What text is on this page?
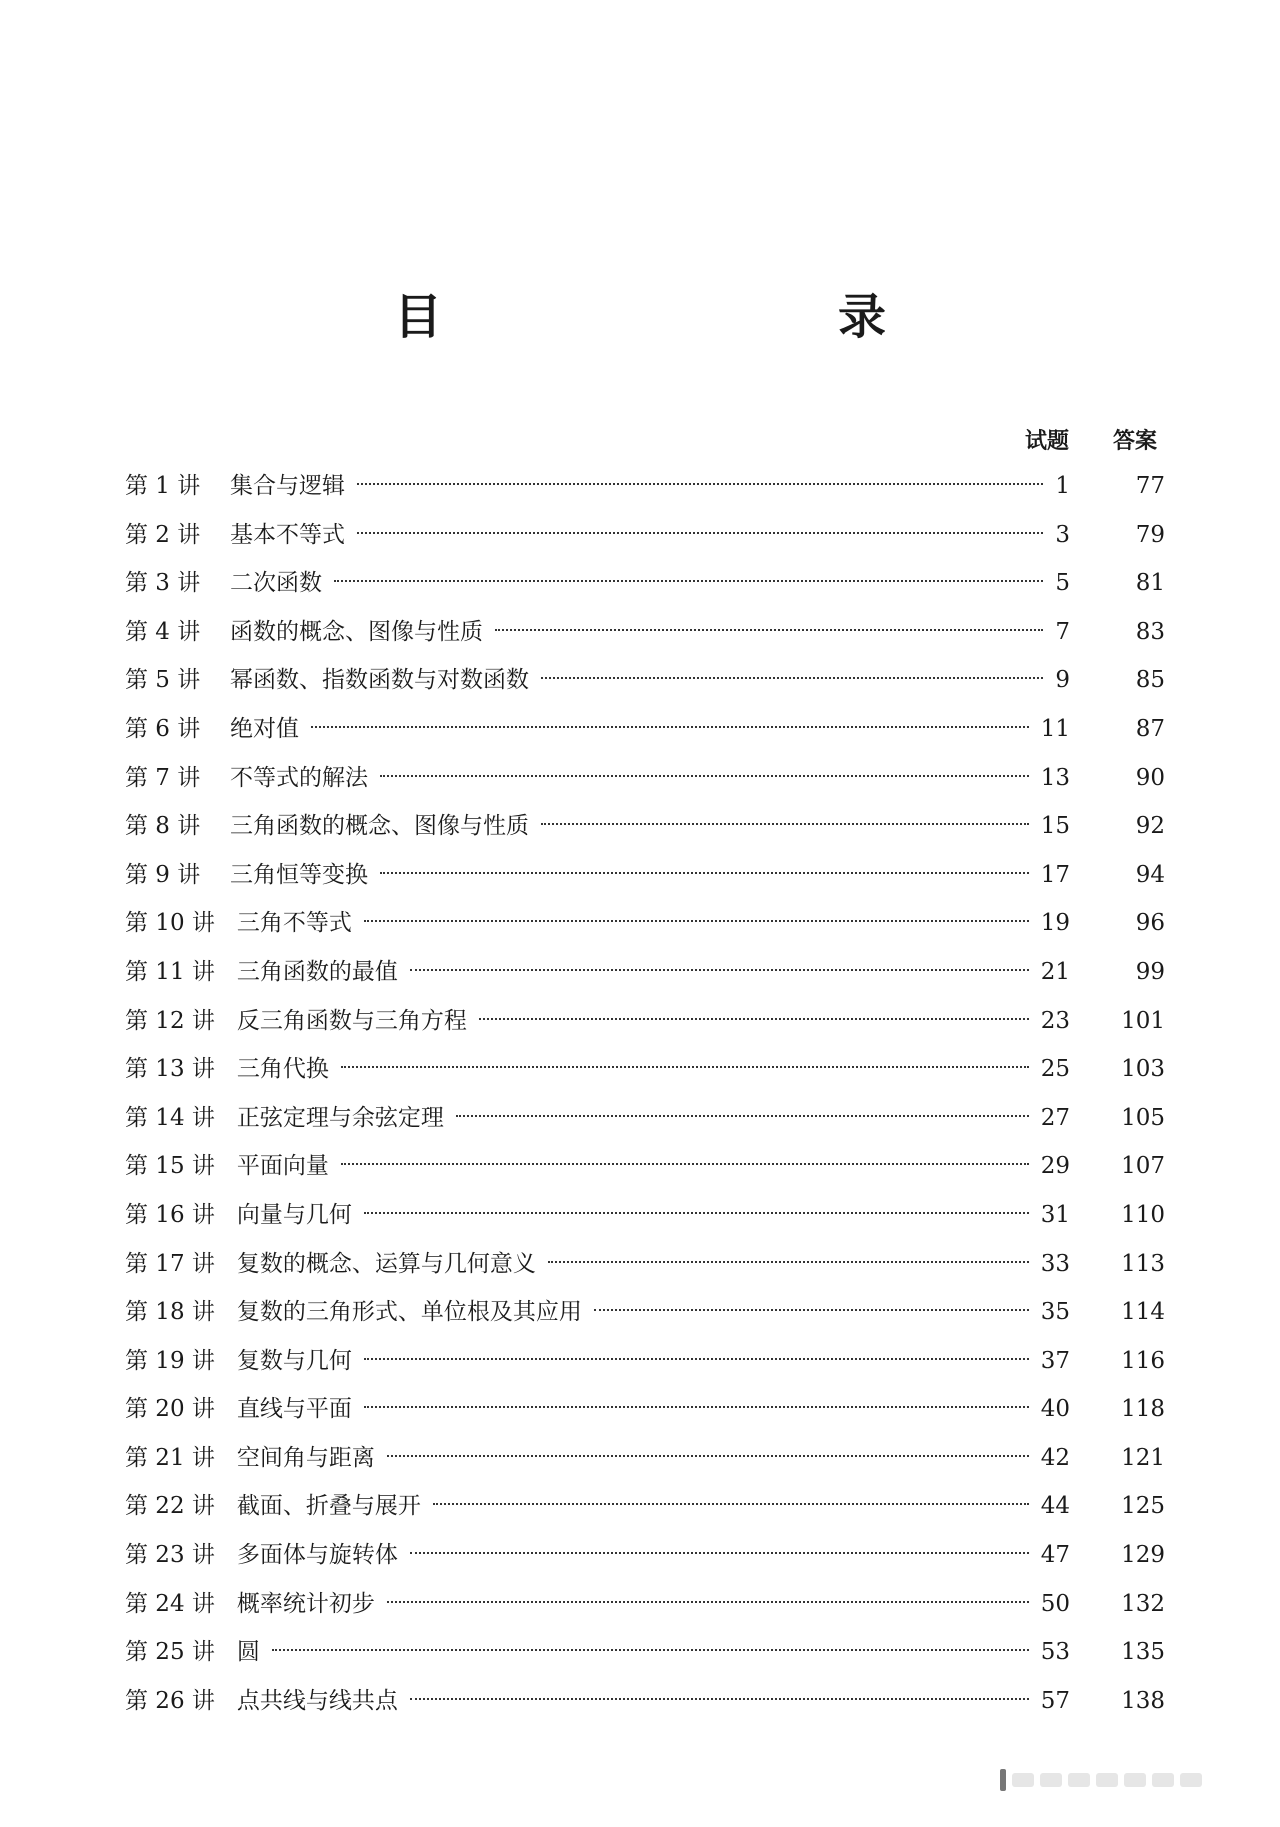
目　　录
试题 答案
第 1 讲 集合与逻辑	1	77
第 2 讲 基本不等式	3	79
第 3 讲 二次函数	5	81
第 4 讲 函数的概念、图像与性质	7	83
第 5 讲 幂函数、指数函数与对数函数	9	85
第 6 讲 绝对值	11	87
第 7 讲 不等式的解法	13	90
第 8 讲 三角函数的概念、图像与性质	15	92
第 9 讲 三角恒等变换	17	94
第 10 讲 三角不等式	19	96
第 11 讲 三角函数的最值	21	99
第 12 讲 反三角函数与三角方程	23	101
第 13 讲 三角代换	25	103
第 14 讲 正弦定理与余弦定理	27	105
第 15 讲 平面向量	29	107
第 16 讲 向量与几何	31	110
第 17 讲 复数的概念、运算与几何意义	33	113
第 18 讲 复数的三角形式、单位根及其应用	35	114
第 19 讲 复数与几何	37	116
第 20 讲 直线与平面	40	118
第 21 讲 空间角与距离	42	121
第 22 讲 截面、折叠与展开	44	125
第 23 讲 多面体与旋转体	47	129
第 24 讲 概率统计初步	50	132
第 25 讲 圆	53	135
第 26 讲 点共线与线共点	57	138
